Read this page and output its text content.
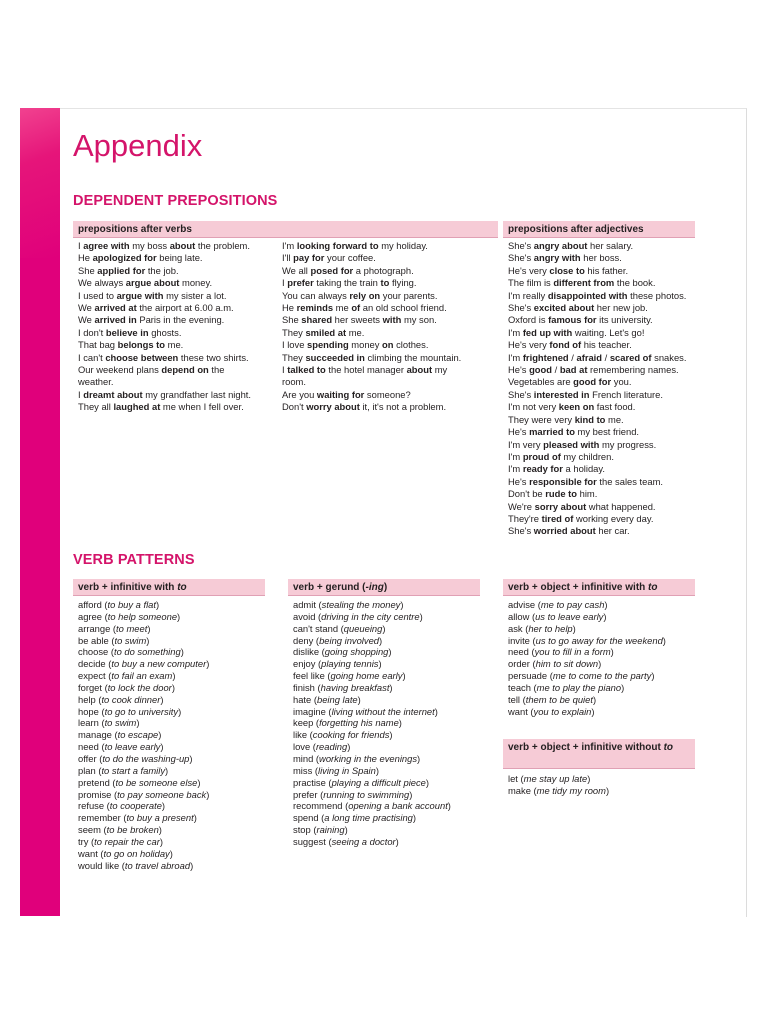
Appendix
DEPENDENT PREPOSITIONS
prepositions after verbs	prepositions after adjectives
I agree with my boss about the problem.
He apologized for being late.
She applied for the job.
We always argue about money.
I used to argue with my sister a lot.
We arrived at the airport at 6.00 a.m.
We arrived in Paris in the evening.
I don't believe in ghosts.
That bag belongs to me.
I can't choose between these two shirts.
Our weekend plans depend on the
weather.
I dreamt about my grandfather last night.
They all laughed at me when I fell over.
I'm looking forward to my holiday.
I'll pay for your coffee.
We all posed for a photograph.
I prefer taking the train to flying.
You can always rely on your parents.
He reminds me of an old school friend.
She shared her sweets with my son.
They smiled at me.
I love spending money on clothes.
They succeeded in climbing the mountain.
I talked to the hotel manager about my
room.
Are you waiting for someone?
Don't worry about it, it's not a problem.
She's angry about her salary.
She's angry with her boss.
He's very close to his father.
The film is different from the book.
I'm really disappointed with these photos.
She's excited about her new job.
Oxford is famous for its university.
I'm fed up with waiting. Let's go!
He's very fond of his teacher.
I'm frightened / afraid / scared of snakes.
He's good / bad at remembering names.
Vegetables are good for you.
She's interested in French literature.
I'm not very keen on fast food.
They were very kind to me.
He's married to my best friend.
I'm very pleased with my progress.
I'm proud of my children.
I'm ready for a holiday.
He's responsible for the sales team.
Don't be rude to him.
We're sorry about what happened.
They're tired of working every day.
She's worried about her car.
VERB PATTERNS
verb + infinitive with to	verb + gerund (-ing)	verb + object + infinitive with to
afford (to buy a flat)
agree (to help someone)
arrange (to meet)
be able (to swim)
choose (to do something)
decide (to buy a new computer)
expect (to fail an exam)
forget (to lock the door)
help (to cook dinner)
hope (to go to university)
learn (to swim)
manage (to escape)
need (to leave early)
offer (to do the washing-up)
plan (to start a family)
pretend (to be someone else)
promise (to pay someone back)
refuse (to cooperate)
remember (to buy a present)
seem (to be broken)
try (to repair the car)
want (to go on holiday)
would like (to travel abroad)
admit (stealing the money)
avoid (driving in the city centre)
can't stand (queueing)
deny (being involved)
dislike (going shopping)
enjoy (playing tennis)
feel like (going home early)
finish (having breakfast)
hate (being late)
imagine (living without the internet)
keep (forgetting his name)
like (cooking for friends)
love (reading)
mind (working in the evenings)
miss (living in Spain)
practise (playing a difficult piece)
prefer (running to swimming)
recommend (opening a bank account)
spend (a long time practising)
stop (raining)
suggest (seeing a doctor)
advise (me to pay cash)
allow (us to leave early)
ask (her to help)
invite (us to go away for the weekend)
need (you to fill in a form)
order (him to sit down)
persuade (me to come to the party)
teach (me to play the piano)
tell (them to be quiet)
want (you to explain)
verb + object + infinitive without to
let (me stay up late)
make (me tidy my room)
